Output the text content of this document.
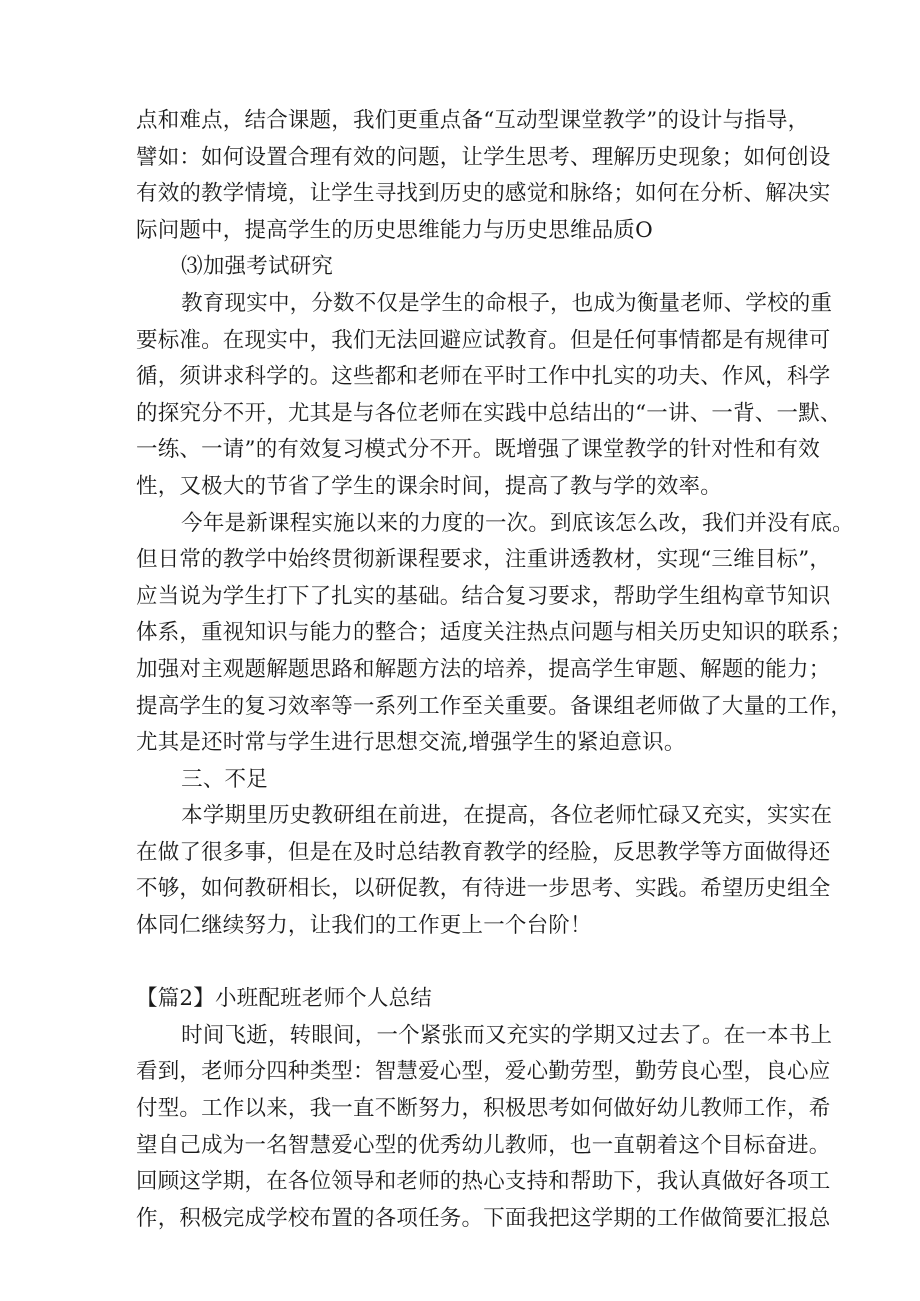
点和难点，结合课题，我们更重点备“互动型课堂教学”的设计与指导，
譬如：如何设置合理有效的问题，让学生思考、理解历史现象；如何创设
有效的教学情境，让学生寻找到历史的感觉和脉络；如何在分析、解决实
际问题中，提高学生的历史思维能力与历史思维品质O
⑶加强考试研究
教育现实中，分数不仅是学生的命根子，也成为衡量老师、学校的重
要标准。在现实中，我们无法回避应试教育。但是任何事情都是有规律可
循，须讲求科学的。这些都和老师在平时工作中扎实的功夫、作风，科学
的探究分不开，尤其是与各位老师在实践中总结出的“一讲、一背、一默、
一练、一请”的有效复习模式分不开。既增强了课堂教学的针对性和有效
性，又极大的节省了学生的课余时间，提高了教与学的效率。
今年是新课程实施以来的力度的一次。到底该怎么改，我们并没有底。
但日常的教学中始终贯彻新课程要求，注重讲透教材，实现“三维目标”，
应当说为学生打下了扎实的基础。结合复习要求，帮助学生组构章节知识
体系，重视知识与能力的整合；适度关注热点问题与相关历史知识的联系；
加强对主观题解题思路和解题方法的培养，提高学生审题、解题的能力；
提高学生的复习效率等一系列工作至关重要。备课组老师做了大量的工作，
尤其是还时常与学生进行思想交流,增强学生的紧迫意识。
三、不足
本学期里历史教研组在前进，在提高，各位老师忙碌又充实，实实在
在做了很多事，但是在及时总结教育教学的经脸，反思教学等方面做得还
不够，如何教研相长，以研促教，有待进一步思考、实践。希望历史组全
体同仁继续努力，让我们的工作更上一个台阶！
【篇2】小班配班老师个人总结
时间飞逝，转眼间，一个紧张而又充实的学期又过去了。在一本书上
看到，老师分四种类型：智慧爱心型，爱心勤劳型，勤劳良心型，良心应
付型。工作以来，我一直不断努力，积极思考如何做好幼儿教师工作，希
望自己成为一名智慧爱心型的优秀幼儿教师，也一直朝着这个目标奋进。
回顾这学期，在各位领导和老师的热心支持和帮助下，我认真做好各项工
作，积极完成学校布置的各项任务。下面我把这学期的工作做简要汇报总
